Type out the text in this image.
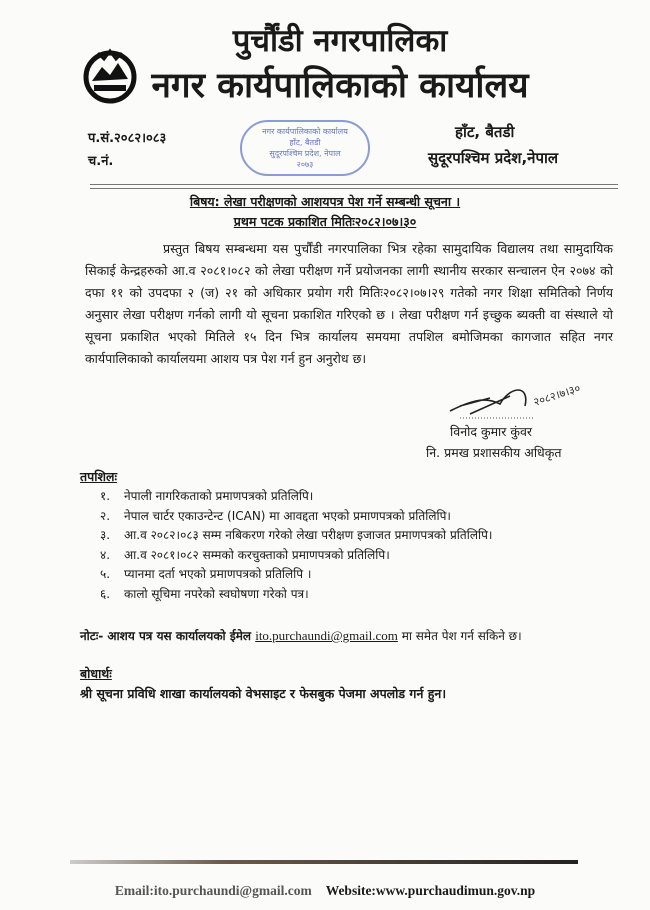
पुर्चौंडी नगरपालिका
नगर कार्यपालिकाको कार्यालय
प.सं.२०८२।०८३
च.नं.
नगर कार्यपालिकाको कार्यालय
हाँट, बैतडी
सुदूरपश्चिम प्रदेश, नेपाल
२०७३
हाँट, बैतडी
सुदूरपश्चिम प्रदेश,नेपाल
बिषय: लेखा परीक्षणको आशयपत्र पेश गर्ने सम्बन्धी सूचना ।
प्रथम पटक प्रकाशित मितिः२०८२।०७।३०

प्रस्तुत बिषय सम्बन्धमा यस पुर्चौंडी नगरपालिका भित्र रहेका सामुदायिक विद्यालय तथा सामुदायिक सिकाई केन्द्रहरुको आ.व २०८१।०८२ को लेखा परीक्षण गर्ने प्रयोजनका लागी स्थानीय सरकार सन्चालन ऐन २०७४ को दफा ११ को उपदफा २ (ज) २१ को अधिकार प्रयोग गरी मितिः२०८२।०७।२९ गतेको नगर शिक्षा समितिको निर्णय अनुसार लेखा परीक्षण गर्नको लागी यो सूचना प्रकाशित गरिएको छ । लेखा परीक्षण गर्न इच्छुक ब्यक्ती वा संस्थाले यो सूचना प्रकाशित भएको मितिले १५ दिन भित्र कार्यालय समयमा तपशिल बमोजिमका कागजात सहित नगर कार्यपालिकाको कार्यालयमा आशय पत्र पेश गर्न हुन अनुरोध छ।

२०८२।७।३०
विनोद कुमार कुंवर
नि. प्रमख प्रशासकीय अधिकृत
तपशिलः
१. नेपाली नागरिकताको प्रमाणपत्रको प्रतिलिपि।
२. नेपाल चार्टर एकाउन्टेन्ट (ICAN) मा आवद्दता भएको प्रमाणपत्रको प्रतिलिपि।
३. आ.व २०८२।०८३ सम्म नबिकरण गरेको लेखा परीक्षण इजाजत प्रमाणपत्रको प्रतिलिपि।
४. आ.व २०८१।०८२ सम्मको करचुक्ताको प्रमाणपत्रको प्रतिलिपि।
५. प्यानमा दर्ता भएको प्रमाणपत्रको प्रतिलिपि ।
६. कालो सूचिमा नपरेको स्वघोषणा गरेको पत्र।
नोटः- आशय पत्र यस कार्यालयको ईमेल ito.purchaundi@gmail.com मा समेत पेश गर्न सकिने छ।
बोधार्थः
श्री सूचना प्रविधि शाखा कार्यालयको वेभसाइट र फेसबुक पेजमा अपलोड गर्न हुन।
Email:ito.purchaundi@gmail.com Website:www.purchaudimun.gov.np
